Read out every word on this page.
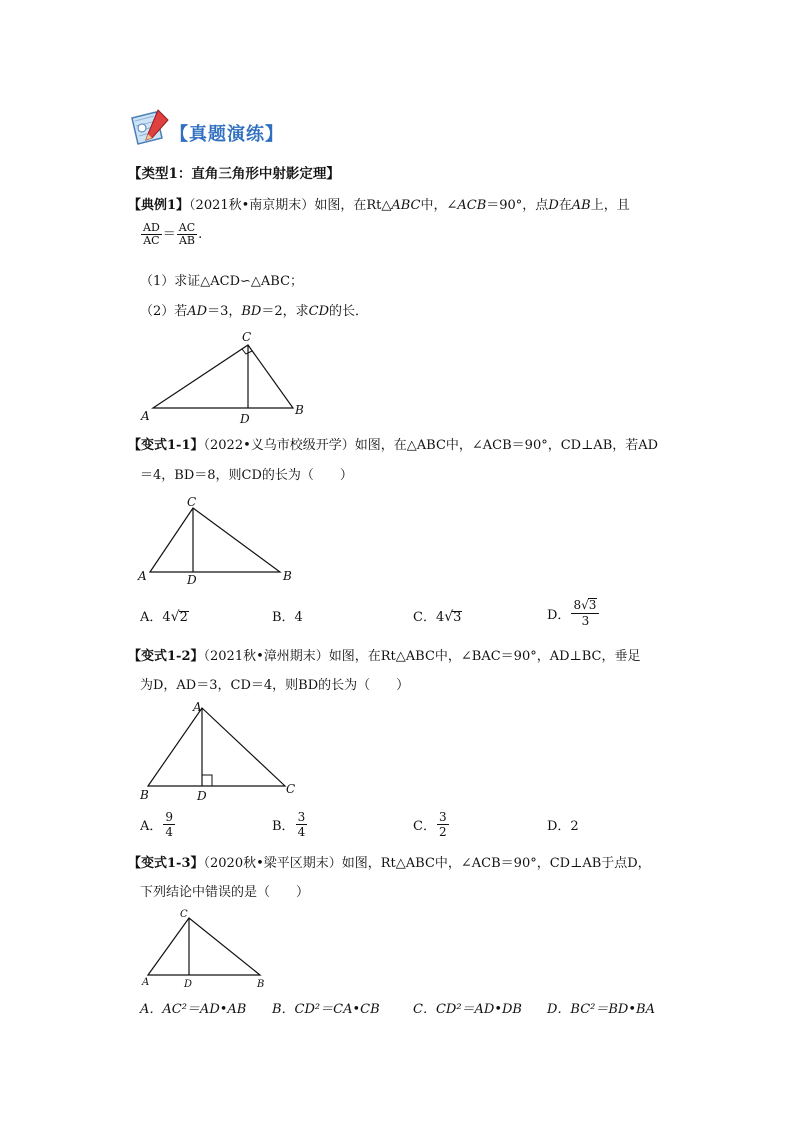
【真题演练】
【类型1：直角三角形中射影定理】
【典例1】（2021秋•南京期末）如图，在Rt△ABC中，∠ACB＝90°，点D在AB上，且
$\frac{AD}{AC} = \frac{AC}{AB}$ .
（1）求证△ACD∽△ABC；
（2）若AD＝3，BD＝2，求CD的长．
A	B
C
D
【变式1-1】（2022•义乌市校级开学）如图，在△ABC中，∠ACB＝90°，CD⊥AB，若AD
＝4，BD＝8，则CD的长为（　　）
A	B
C
D
A．4√2	B．4	C．4√3	D． $\frac{8√3}{3}$
【变式1-2】（2021秋•漳州期末）如图，在Rt△ABC中，∠BAC＝90°，AD⊥BC，垂足
为D，AD＝3，CD＝4，则BD的长为（　　）
B	C
A
D
A． $\frac{9}{4}$	B． $\frac{3}{4}$	C． $\frac{3}{2}$	D．2
【变式1-3】（2020秋•梁平区期末）如图，Rt△ABC中，∠ACB＝90°，CD⊥AB于点D，
下列结论中错误的是（　　）
A	B
C
D
A．AC²＝AD•AB B．CD²＝CA•CB	C．CD²＝AD•DB D．BC²＝BD•BA
